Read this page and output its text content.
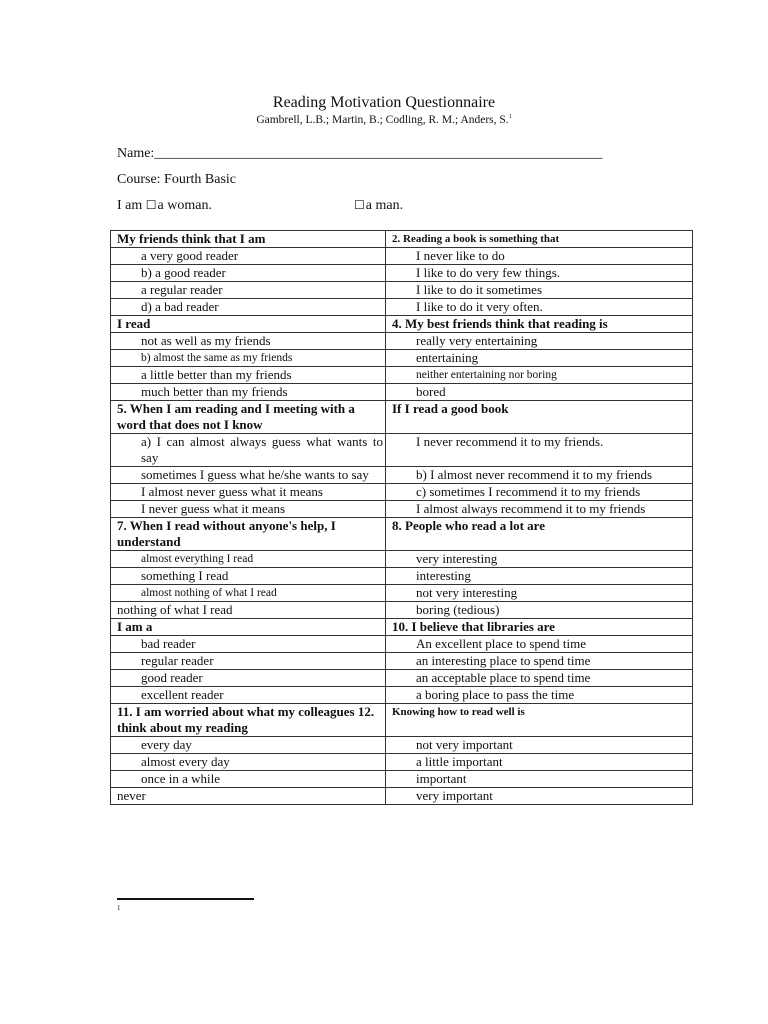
Reading Motivation Questionnaire
Gambrell, L.B.; Martin, B.; Codling, R. M.; Anders, S.$^1$
Name:________________________________________________________________
Course: Fourth Basic
I am ☐a woman.	☐a man.
My friends think that I am	2. Reading a book is something that
a very good reader	I never like to do
b) a good reader	I like to do very few things.
a regular reader	I like to do it sometimes
d) a bad reader	I like to do it very often.
I read	4. My best friends think that reading is
not as well as my friends	really very entertaining
b) almost the same as my friends	entertaining
a little better than my friends	neither entertaining nor boring
much better than my friends	bored
5. When I am reading and I meeting with a word that does not I know	If I read a good book
a) I can almost always guess what wants to say	I never recommend it to my friends.
sometimes I guess what he/she wants to say	b) I almost never recommend it to my friends
I almost never guess what it means	c) sometimes I recommend it to my friends
I never guess what it means	I almost always recommend it to my friends
7. When I read without anyone's help, I understand	8. People who read a lot are
almost everything I read	very interesting
something I read	interesting
almost nothing of what I read	not very interesting
nothing of what I read	boring (tedious)
I am a	10. I believe that libraries are
bad reader	An excellent place to spend time
regular reader	an interesting place to spend time
good reader	an acceptable place to spend time
excellent reader	a boring place to pass the time
11. I am worried about what my colleagues 12. think about my reading	Knowing how to read well is
every day	not very important
almost every day	a little important
once in a while	important
never	very important
1
